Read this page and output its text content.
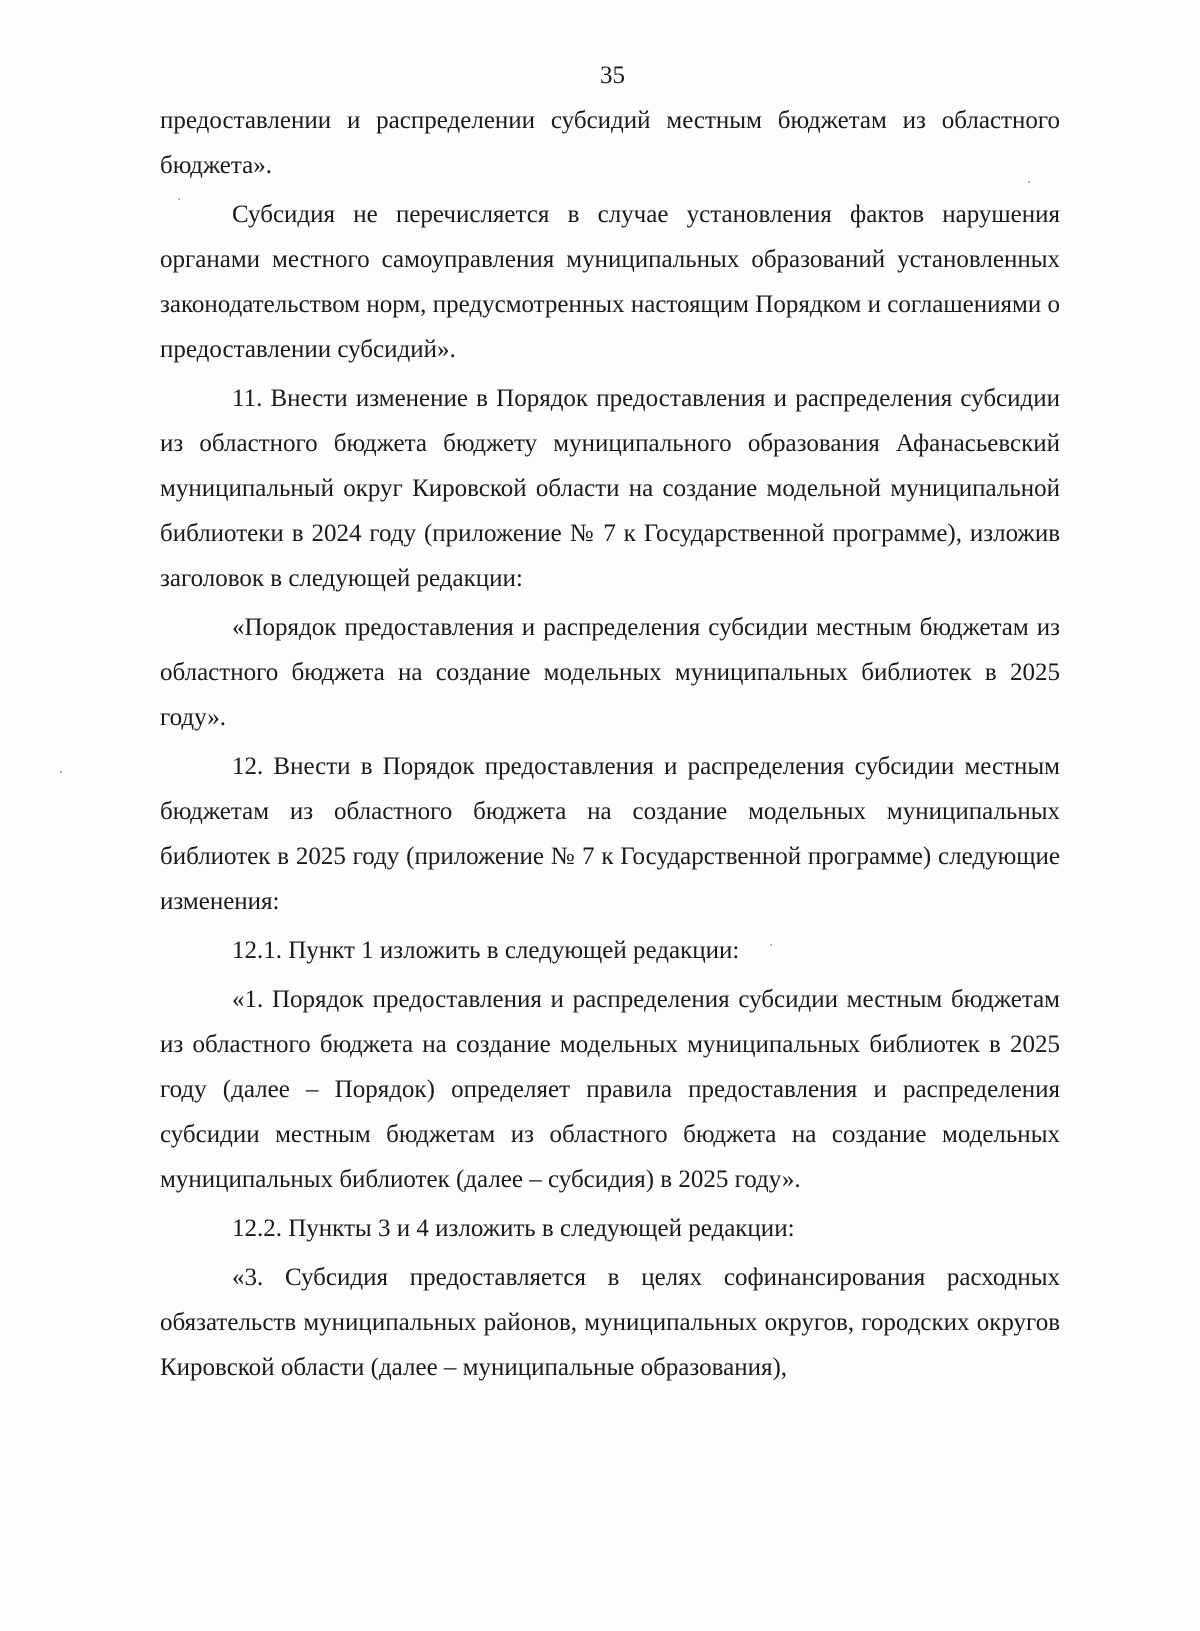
35

предоставлении и распределении субсидий местным бюджетам из областного бюджета».

Субсидия не перечисляется в случае установления фактов нарушения органами местного самоуправления муниципальных образований установленных законодательством норм, предусмотренных настоящим Порядком и соглашениями о предоставлении субсидий».

11. Внести изменение в Порядок предоставления и распределения субсидии из областного бюджета бюджету муниципального образования Афанасьевский муниципальный округ Кировской области на создание модельной муниципальной библиотеки в 2024 году (приложение № 7 к Государственной программе), изложив заголовок в следующей редакции:

«Порядок предоставления и распределения субсидии местным бюджетам из областного бюджета на создание модельных муниципальных библиотек в 2025 году».

12. Внести в Порядок предоставления и распределения субсидии местным бюджетам из областного бюджета на создание модельных муниципальных библиотек в 2025 году (приложение № 7 к Государственной программе) следующие изменения:

12.1. Пункт 1 изложить в следующей редакции:

«1. Порядок предоставления и распределения субсидии местным бюджетам из областного бюджета на создание модельных муниципальных библиотек в 2025 году (далее – Порядок) определяет правила предоставления и распределения субсидии местным бюджетам из областного бюджета на создание модельных муниципальных библиотек (далее – субсидия) в 2025 году».

12.2. Пункты 3 и 4 изложить в следующей редакции:

«3. Субсидия предоставляется в целях софинансирования расходных обязательств муниципальных районов, муниципальных округов, городских округов Кировской области (далее – муниципальные образования),
